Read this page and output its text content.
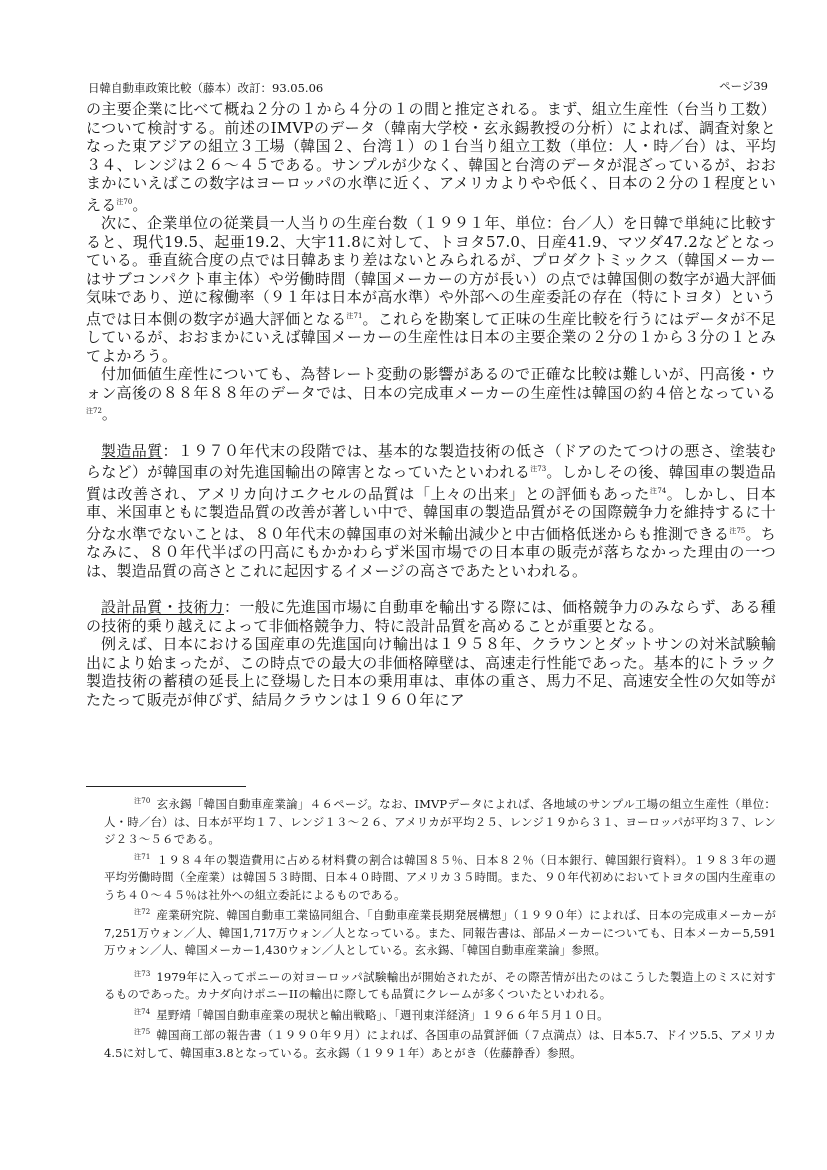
日韓自動車政策比較（藤本）改訂：93.05.06	ページ39

の主要企業に比べて概ね２分の１から４分の１の間と推定される。まず、組立生産性（台当り工数）について検討する。前述のIMVPのデータ（韓南大学校・玄永錫教授の分析）によれば、調査対象となった東アジアの組立３工場（韓国２、台湾１）の１台当り組立工数（単位：人・時／台）は、平均３４、レンジは２６～４５である。サンプルが少なく、韓国と台湾のデータが混ざっているが、おおまかにいえばこの数字はヨーロッパの水準に近く、アメリカよりやや低く、日本の２分の１程度といえる$^{注70}$。

次に、企業単位の従業員一人当りの生産台数（１９９１年、単位：台／人）を日韓で単純に比較すると、現代19.5、起亜19.2、大宇11.8に対して、トヨタ57.0、日産41.9、マツダ47.2などとなっている。垂直統合度の点では日韓あまり差はないとみられるが、プロダクトミックス（韓国メーカーはサブコンパクト車主体）や労働時間（韓国メーカーの方が長い）の点では韓国側の数字が過大評価気味であり、逆に稼働率（９１年は日本が高水準）や外部への生産委託の存在（特にトヨタ）という点では日本側の数字が過大評価となる$^{注71}$。これらを勘案して正味の生産比較を行うにはデータが不足しているが、おおまかにいえば韓国メーカーの生産性は日本の主要企業の２分の１から３分の１とみてよかろう。

付加価値生産性についても、為替レート変動の影響があるので正確な比較は難しいが、円高後・ウォン高後の８８年８８年のデータでは、日本の完成車メーカーの生産性は韓国の約４倍となっている$^{注72}$。

製造品質：１９７０年代末の段階では、基本的な製造技術の低さ（ドアのたてつけの悪さ、塗装むらなど）が韓国車の対先進国輸出の障害となっていたといわれる$^{注73}$。しかしその後、韓国車の製造品質は改善され、アメリカ向けエクセルの品質は「上々の出来」との評価もあった$^{注74}$。しかし、日本車、米国車ともに製造品質の改善が著しい中で、韓国車の製造品質がその国際競争力を維持するに十分な水準でないことは、８０年代末の韓国車の対米輸出減少と中古価格低迷からも推測できる$^{注75}$。ちなみに、８０年代半ばの円高にもかかわらず米国市場での日本車の販売が落ちなかった理由の一つは、製造品質の高さとこれに起因するイメージの高さであたといわれる。

設計品質・技術力：一般に先進国市場に自動車を輸出する際には、価格競争力のみならず、ある種の技術的乗り越えによって非価格競争力、特に設計品質を高めることが重要となる。

例えば、日本における国産車の先進国向け輸出は１９５８年、クラウンとダットサンの対米試験輸出により始まったが、この時点での最大の非価格障壁は、高速走行性能であった。基本的にトラック製造技術の蓄積の延長上に登場した日本の乗用車は、車体の重さ、馬力不足、高速安全性の欠如等がたたって販売が伸びず、結局クラウンは１９６０年にア

$^{注70}$ 玄永錫「韓国自動車産業論」４６ページ。なお、IMVPデータによれば、各地域のサンプル工場の組立生産性（単位：人・時／台）は、日本が平均１７、レンジ１３～２６、アメリカが平均２５、レンジ１９から３１、ヨーロッパが平均３７、レンジ２３～５６である。

$^{注71}$ １９８４年の製造費用に占める材料費の割合は韓国８５％、日本８２％（日本銀行、韓国銀行資料）。１９８３年の週平均労働時間（全産業）は韓国５３時間、日本４０時間、アメリカ３５時間。また、９０年代初めにおいてトヨタの国内生産車のうち４０～４５％は社外への組立委託によるものである。

$^{注72}$ 産業研究院、韓国自動車工業協同組合、「自動車産業長期発展構想」（１９９０年）によれば、日本の完成車メーカーが7,251万ウォン／人、韓国1,717万ウォン／人となっている。また、同報告書は、部品メーカーについても、日本メーカー5,591万ウォン／人、韓国メーカー1,430ウォン／人としている。玄永錫、「韓国自動車産業論」参照。

$^{注73}$ 1979年に入ってポニーの対ヨーロッパ試験輸出が開始されたが、その際苦情が出たのはこうした製造上のミスに対するものであった。カナダ向けポニーIIの輸出に際しても品質にクレームが多くついたといわれる。

$^{注74}$ 星野靖「韓国自動車産業の現状と輸出戦略」、「週刊東洋経済」１９６６年５月１０日。

$^{注75}$ 韓国商工部の報告書（１９９０年９月）によれば、各国車の品質評価（７点満点）は、日本5.7、ドイツ5.5、アメリカ4.5に対して、韓国車3.8となっている。玄永錫（１９９１年）あとがき（佐藤静香）参照。
